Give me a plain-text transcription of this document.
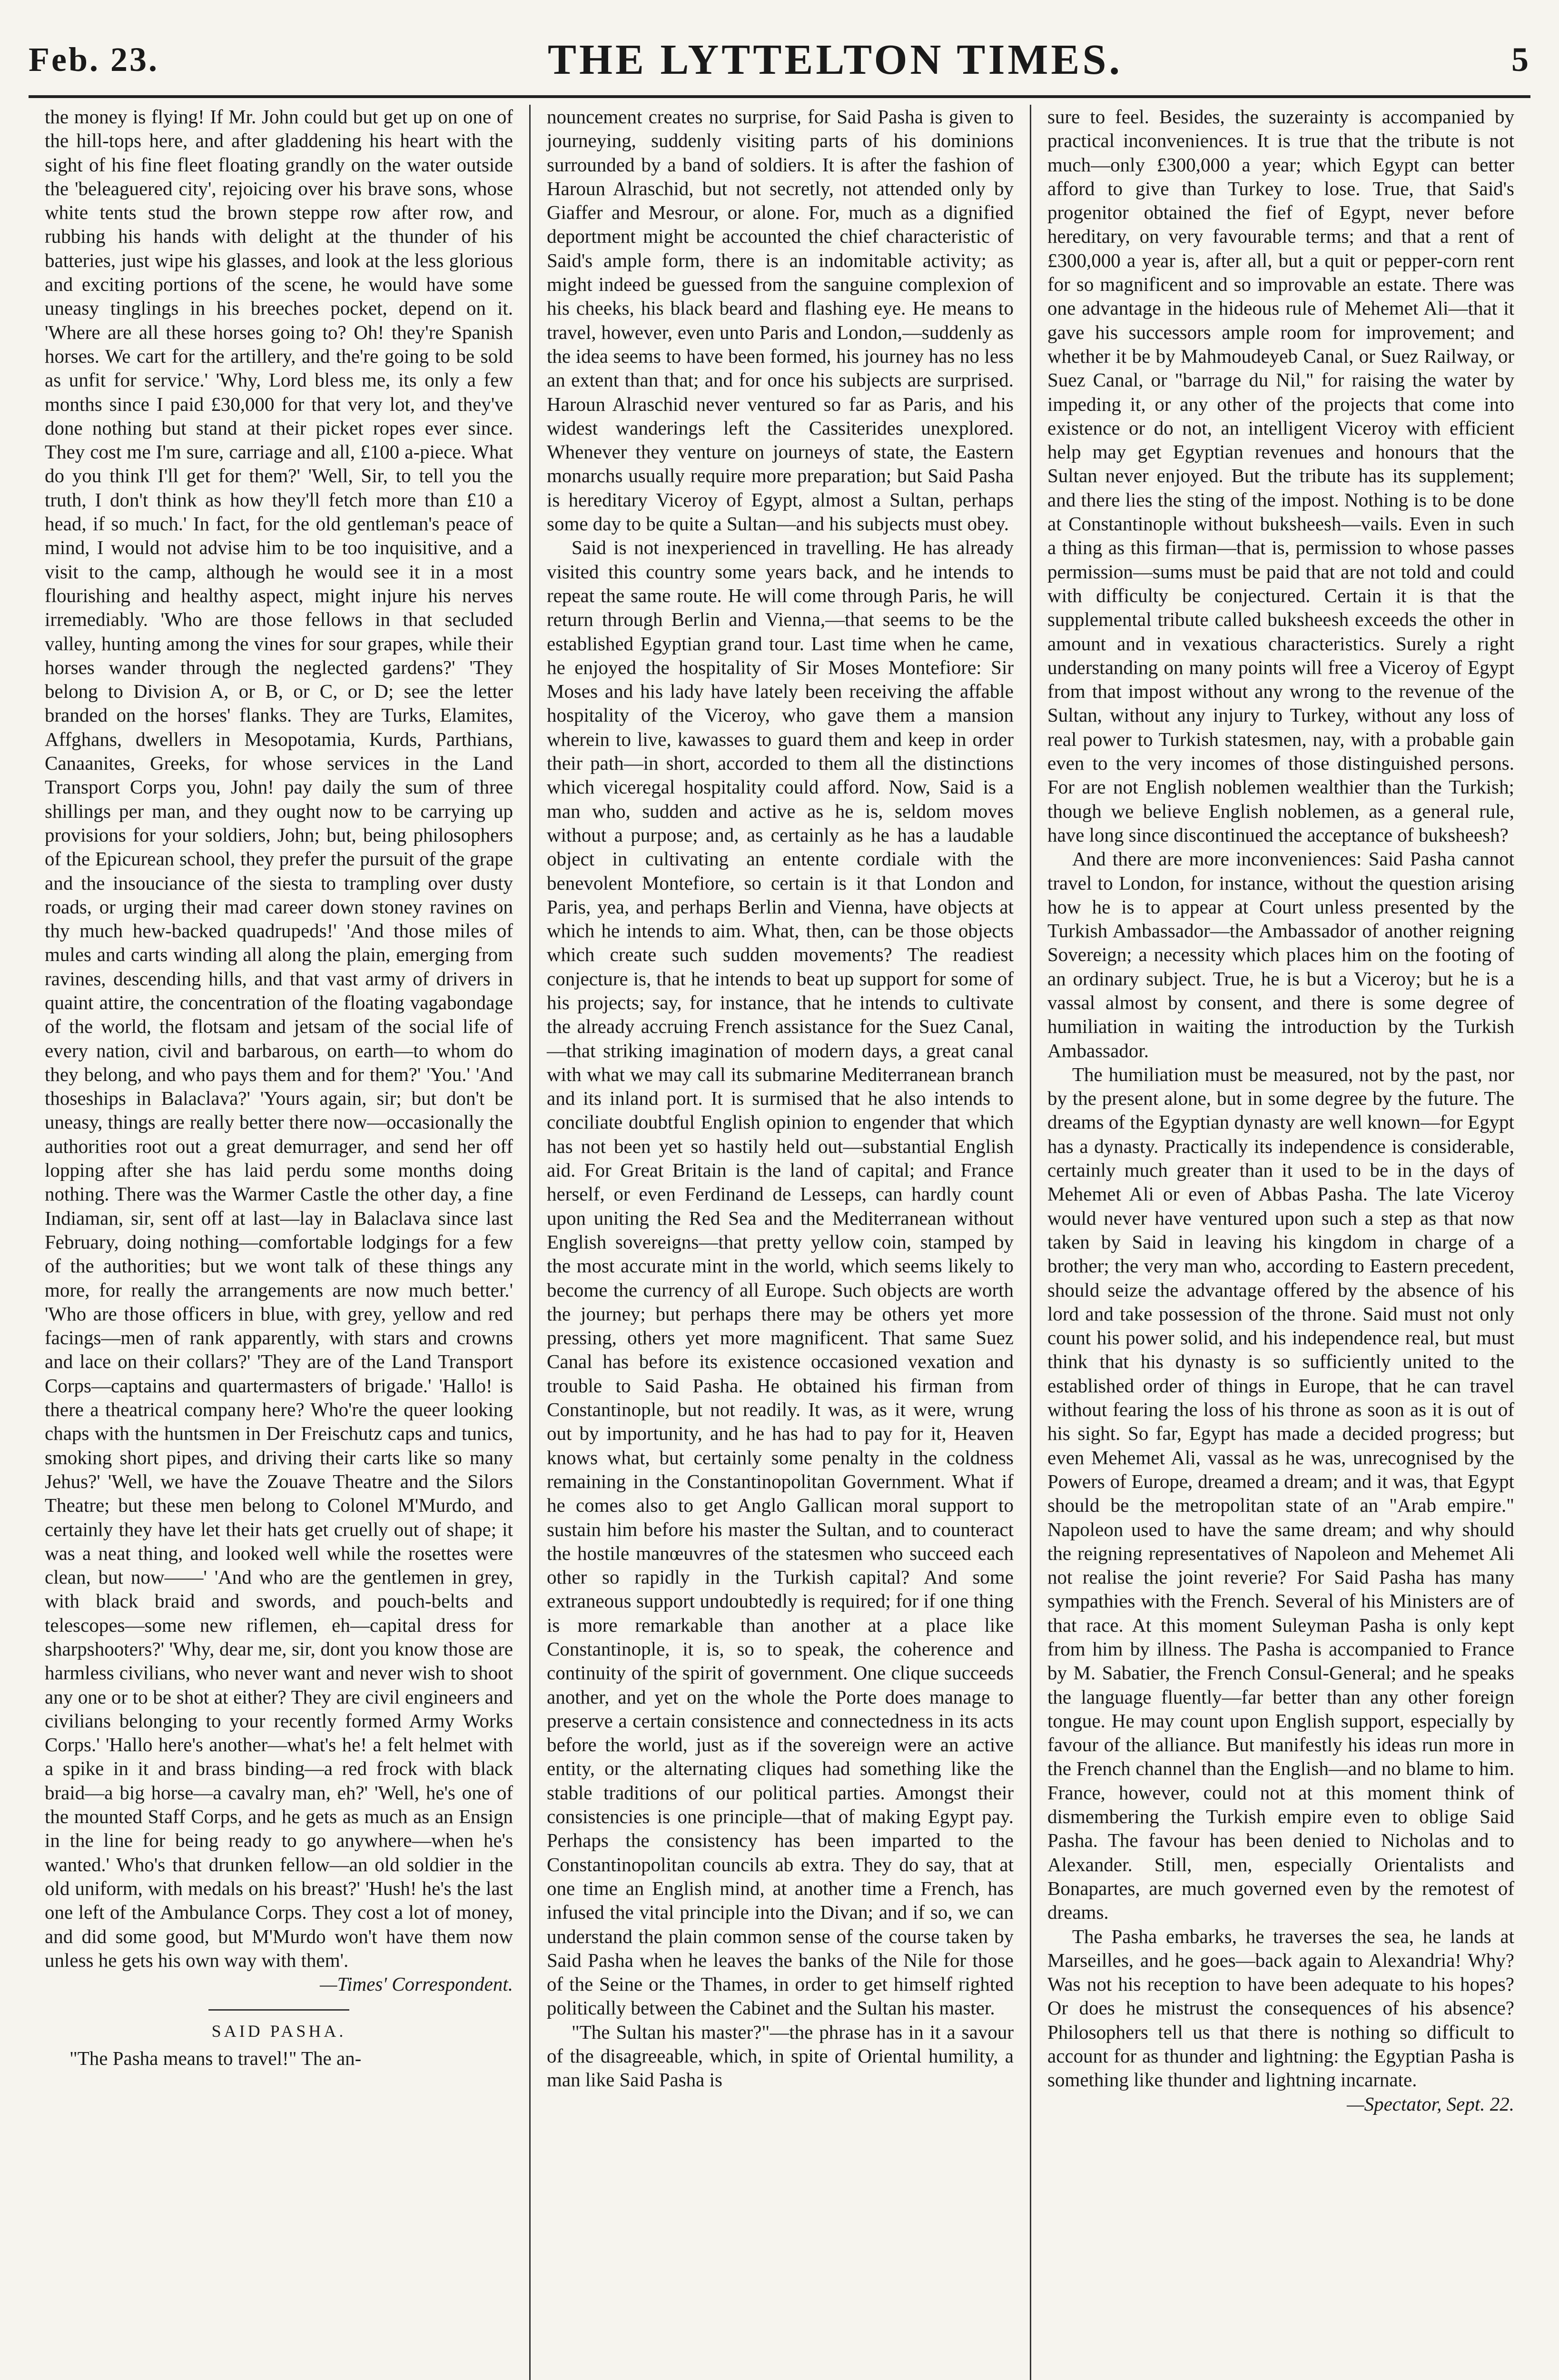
Feb. 23.	THE LYTTELTON TIMES.	5

the money is flying! If Mr. John could but get up on one of the hill-tops here, and after gladdening his heart with the sight of his fine fleet floating grandly on the water outside the 'beleaguered city', rejoicing over his brave sons, whose white tents stud the brown steppe row after row, and rubbing his hands with delight at the thunder of his batteries, just wipe his glasses, and look at the less glorious and exciting portions of the scene, he would have some uneasy tinglings in his breeches pocket, depend on it. 'Where are all these horses going to? Oh! they're Spanish horses. We cart for the artillery, and the're going to be sold as unfit for service.' 'Why, Lord bless me, its only a few months since I paid £30,000 for that very lot, and they've done nothing but stand at their picket ropes ever since. They cost me I'm sure, carriage and all, £100 a-piece. What do you think I'll get for them?' 'Well, Sir, to tell you the truth, I don't think as how they'll fetch more than £10 a head, if so much.' In fact, for the old gentleman's peace of mind, I would not advise him to be too inquisitive, and a visit to the camp, although he would see it in a most flourishing and healthy aspect, might injure his nerves irremediably. 'Who are those fellows in that secluded valley, hunting among the vines for sour grapes, while their horses wander through the neglected gardens?' 'They belong to Division A, or B, or C, or D; see the letter branded on the horses' flanks. They are Turks, Elamites, Affghans, dwellers in Mesopotamia, Kurds, Parthians, Canaanites, Greeks, for whose services in the Land Transport Corps you, John! pay daily the sum of three shillings per man, and they ought now to be carrying up provisions for your soldiers, John; but, being philosophers of the Epicurean school, they prefer the pursuit of the grape and the insouciance of the siesta to trampling over dusty roads, or urging their mad career down stoney ravines on thy much hew-backed quadrupeds!' 'And those miles of mules and carts winding all along the plain, emerging from ravines, descending hills, and that vast army of drivers in quaint attire, the concentration of the floating vagabondage of the world, the flotsam and jetsam of the social life of every nation, civil and barbarous, on earth—to whom do they belong, and who pays them and for them?' 'You.' 'And thoseships in Balaclava?' 'Yours again, sir; but don't be uneasy, things are really better there now—occasionally the authorities root out a great demurrager, and send her off lopping after she has laid perdu some months doing nothing. There was the Warmer Castle the other day, a fine Indiaman, sir, sent off at last—lay in Balaclava since last February, doing nothing—comfortable lodgings for a few of the authorities; but we wont talk of these things any more, for really the arrangements are now much better.' 'Who are those officers in blue, with grey, yellow and red facings—men of rank apparently, with stars and crowns and lace on their collars?' 'They are of the Land Transport Corps—captains and quartermasters of brigade.' 'Hallo! is there a theatrical company here? Who're the queer looking chaps with the huntsmen in Der Freischutz caps and tunics, smoking short pipes, and driving their carts like so many Jehus?' 'Well, we have the Zouave Theatre and the Silors Theatre; but these men belong to Colonel M'Murdo, and certainly they have let their hats get cruelly out of shape; it was a neat thing, and looked well while the rosettes were clean, but now——' 'And who are the gentlemen in grey, with black braid and swords, and pouch-belts and telescopes—some new riflemen, eh—capital dress for sharpshooters?' 'Why, dear me, sir, dont you know those are harmless civilians, who never want and never wish to shoot any one or to be shot at either? They are civil engineers and civilians belonging to your recently formed Army Works Corps.' 'Hallo here's another—what's he! a felt helmet with a spike in it and brass binding—a red frock with black braid—a big horse—a cavalry man, eh?' 'Well, he's one of the mounted Staff Corps, and he gets as much as an Ensign in the line for being ready to go anywhere—when he's wanted.' Who's that drunken fellow—an old soldier in the old uniform, with medals on his breast?' 'Hush! he's the last one left of the Ambulance Corps. They cost a lot of money, and did some good, but M'Murdo won't have them now unless he gets his own way with them'.

—Times' Correspondent.

SAID PASHA.

"The Pasha means to travel!" The an-

nouncement creates no surprise, for Said Pasha is given to journeying, suddenly visiting parts of his dominions surrounded by a band of soldiers. It is after the fashion of Haroun Alraschid, but not secretly, not attended only by Giaffer and Mesrour, or alone. For, much as a dignified deportment might be accounted the chief characteristic of Said's ample form, there is an indomitable activity; as might indeed be guessed from the sanguine complexion of his cheeks, his black beard and flashing eye. He means to travel, however, even unto Paris and London,—suddenly as the idea seems to have been formed, his journey has no less an extent than that; and for once his subjects are surprised. Haroun Alraschid never ventured so far as Paris, and his widest wanderings left the Cassiterides unexplored. Whenever they venture on journeys of state, the Eastern monarchs usually require more preparation; but Said Pasha is hereditary Viceroy of Egypt, almost a Sultan, perhaps some day to be quite a Sultan—and his subjects must obey.

Said is not inexperienced in travelling. He has already visited this country some years back, and he intends to repeat the same route. He will come through Paris, he will return through Berlin and Vienna,—that seems to be the established Egyptian grand tour. Last time when he came, he enjoyed the hospitality of Sir Moses Montefiore: Sir Moses and his lady have lately been receiving the affable hospitality of the Viceroy, who gave them a mansion wherein to live, kawasses to guard them and keep in order their path—in short, accorded to them all the distinctions which viceregal hospitality could afford. Now, Said is a man who, sudden and active as he is, seldom moves without a purpose; and, as certainly as he has a laudable object in cultivating an entente cordiale with the benevolent Montefiore, so certain is it that London and Paris, yea, and perhaps Berlin and Vienna, have objects at which he intends to aim. What, then, can be those objects which create such sudden movements? The readiest conjecture is, that he intends to beat up support for some of his projects; say, for instance, that he intends to cultivate the already accruing French assistance for the Suez Canal,—that striking imagination of modern days, a great canal with what we may call its submarine Mediterranean branch and its inland port. It is surmised that he also intends to conciliate doubtful English opinion to engender that which has not been yet so hastily held out—substantial English aid. For Great Britain is the land of capital; and France herself, or even Ferdinand de Lesseps, can hardly count upon uniting the Red Sea and the Mediterranean without English sovereigns—that pretty yellow coin, stamped by the most accurate mint in the world, which seems likely to become the currency of all Europe. Such objects are worth the journey; but perhaps there may be others yet more pressing, others yet more magnificent. That same Suez Canal has before its existence occasioned vexation and trouble to Said Pasha. He obtained his firman from Constantinople, but not readily. It was, as it were, wrung out by importunity, and he has had to pay for it, Heaven knows what, but certainly some penalty in the coldness remaining in the Constantinopolitan Government. What if he comes also to get Anglo Gallican moral support to sustain him before his master the Sultan, and to counteract the hostile manœuvres of the statesmen who succeed each other so rapidly in the Turkish capital? And some extraneous support undoubtedly is required; for if one thing is more remarkable than another at a place like Constantinople, it is, so to speak, the coherence and continuity of the spirit of government. One clique succeeds another, and yet on the whole the Porte does manage to preserve a certain consistence and connectedness in its acts before the world, just as if the sovereign were an active entity, or the alternating cliques had something like the stable traditions of our political parties. Amongst their consistencies is one principle—that of making Egypt pay. Perhaps the consistency has been imparted to the Constantinopolitan councils ab extra. They do say, that at one time an English mind, at another time a French, has infused the vital principle into the Divan; and if so, we can understand the plain common sense of the course taken by Said Pasha when he leaves the banks of the Nile for those of the Seine or the Thames, in order to get himself righted politically between the Cabinet and the Sultan his master.

"The Sultan his master?"—the phrase has in it a savour of the disagreeable, which, in spite of Oriental humility, a man like Said Pasha is

sure to feel. Besides, the suzerainty is accompanied by practical inconveniences. It is true that the tribute is not much—only £300,000 a year; which Egypt can better afford to give than Turkey to lose. True, that Said's progenitor obtained the fief of Egypt, never before hereditary, on very favourable terms; and that a rent of £300,000 a year is, after all, but a quit or pepper-corn rent for so magnificent and so improvable an estate. There was one advantage in the hideous rule of Mehemet Ali—that it gave his successors ample room for improvement; and whether it be by Mahmoudeyeb Canal, or Suez Railway, or Suez Canal, or "barrage du Nil," for raising the water by impeding it, or any other of the projects that come into existence or do not, an intelligent Viceroy with efficient help may get Egyptian revenues and honours that the Sultan never enjoyed. But the tribute has its supplement; and there lies the sting of the impost. Nothing is to be done at Constantinople without buksheesh—vails. Even in such a thing as this firman—that is, permission to whose passes permission—sums must be paid that are not told and could with difficulty be conjectured. Certain it is that the supplemental tribute called buksheesh exceeds the other in amount and in vexatious characteristics. Surely a right understanding on many points will free a Viceroy of Egypt from that impost without any wrong to the revenue of the Sultan, without any injury to Turkey, without any loss of real power to Turkish statesmen, nay, with a probable gain even to the very incomes of those distinguished persons. For are not English noblemen wealthier than the Turkish; though we believe English noblemen, as a general rule, have long since discontinued the acceptance of buksheesh?

And there are more inconveniences: Said Pasha cannot travel to London, for instance, without the question arising how he is to appear at Court unless presented by the Turkish Ambassador—the Ambassador of another reigning Sovereign; a necessity which places him on the footing of an ordinary subject. True, he is but a Viceroy; but he is a vassal almost by consent, and there is some degree of humiliation in waiting the introduction by the Turkish Ambassador.

The humiliation must be measured, not by the past, nor by the present alone, but in some degree by the future. The dreams of the Egyptian dynasty are well known—for Egypt has a dynasty. Practically its independence is considerable, certainly much greater than it used to be in the days of Mehemet Ali or even of Abbas Pasha. The late Viceroy would never have ventured upon such a step as that now taken by Said in leaving his kingdom in charge of a brother; the very man who, according to Eastern precedent, should seize the advantage offered by the absence of his lord and take possession of the throne. Said must not only count his power solid, and his independence real, but must think that his dynasty is so sufficiently united to the established order of things in Europe, that he can travel without fearing the loss of his throne as soon as it is out of his sight. So far, Egypt has made a decided progress; but even Mehemet Ali, vassal as he was, unrecognised by the Powers of Europe, dreamed a dream; and it was, that Egypt should be the metropolitan state of an "Arab empire." Napoleon used to have the same dream; and why should the reigning representatives of Napoleon and Mehemet Ali not realise the joint reverie? For Said Pasha has many sympathies with the French. Several of his Ministers are of that race. At this moment Suleyman Pasha is only kept from him by illness. The Pasha is accompanied to France by M. Sabatier, the French Consul-General; and he speaks the language fluently—far better than any other foreign tongue. He may count upon English support, especially by favour of the alliance. But manifestly his ideas run more in the French channel than the English—and no blame to him. France, however, could not at this moment think of dismembering the Turkish empire even to oblige Said Pasha. The favour has been denied to Nicholas and to Alexander. Still, men, especially Orientalists and Bonapartes, are much governed even by the remotest of dreams.

The Pasha embarks, he traverses the sea, he lands at Marseilles, and he goes—back again to Alexandria! Why? Was not his reception to have been adequate to his hopes? Or does he mistrust the consequences of his absence? Philosophers tell us that there is nothing so difficult to account for as thunder and lightning: the Egyptian Pasha is something like thunder and lightning incarnate.

—Spectator, Sept. 22.
